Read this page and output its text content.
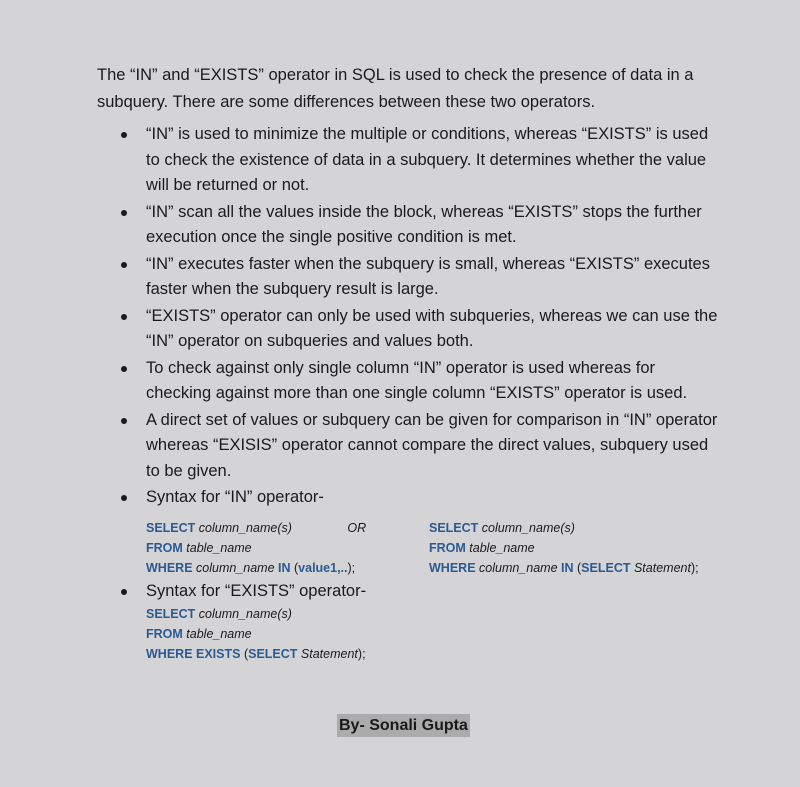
The “IN” and “EXISTS” operator in SQL is used to check the presence of data in a subquery. There are some differences between these two operators.

“IN” is used to minimize the multiple or conditions, whereas “EXISTS” is used to check the existence of data in a subquery. It determines whether the value will be returned or not.
“IN” scan all the values inside the block, whereas “EXISTS” stops the further execution once the single positive condition is met.
“IN” executes faster when the subquery is small, whereas “EXISTS” executes faster when the subquery result is large.
“EXISTS” operator can only be used with subqueries, whereas we can use the “IN” operator on subqueries and values both.
To check against only single column “IN” operator is used whereas for checking against more than one single column “EXISTS” operator is used.
A direct set of values or subquery can be given for comparison in “IN” operator whereas “EXISIS” operator cannot compare the direct values, subquery used to be given.
Syntax for “IN” operator-
SELECT column_name(s)	OR	SELECT column_name(s)
FROM table_name	FROM table_name
WHERE column_name IN (value1,..);	WHERE column_name IN (SELECT Statement);
Syntax for “EXISTS” operator-
SELECT column_name(s)
FROM table_name
WHERE EXISTS (SELECT Statement);
By- Sonali Gupta
